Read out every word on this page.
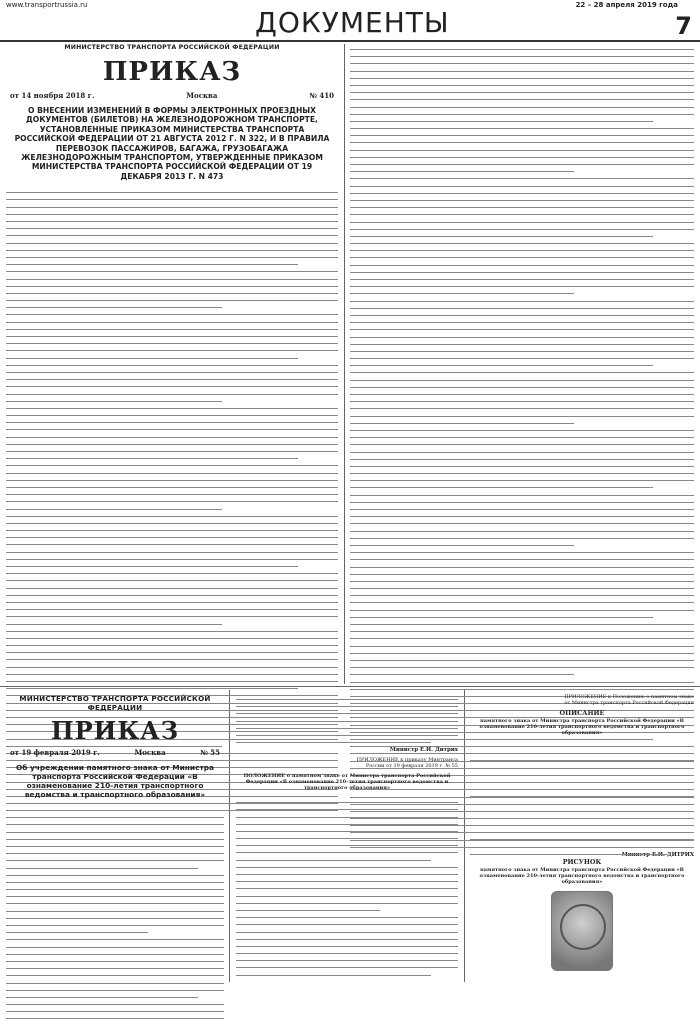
www.transportrussia.ru	22 – 28 апреля 2019 года
ДОКУМЕНТЫ	7
МИНИСТЕРСТВО ТРАНСПОРТА РОССИЙСКОЙ ФЕДЕРАЦИИ
ПРИКАЗ
от 14 ноября 2018 г.	Москва	№ 410
О ВНЕСЕНИИ ИЗМЕНЕНИЙ В ФОРМЫ ЭЛЕКТРОННЫХ ПРОЕЗДНЫХ ДОКУМЕНТОВ (БИЛЕТОВ) НА ЖЕЛЕЗНОДОРОЖНОМ ТРАНСПОРТЕ, УСТАНОВЛЕННЫЕ ПРИКАЗОМ МИНИСТЕРСТВА ТРАНСПОРТА РОССИЙСКОЙ ФЕДЕРАЦИИ ОТ 21 АВГУСТА 2012 Г. N 322, И В ПРАВИЛА ПЕРЕВОЗОК ПАССАЖИРОВ, БАГАЖА, ГРУЗОБАГАЖА ЖЕЛЕЗНОДОРОЖНЫМ ТРАНСПОРТОМ, УТВЕРЖДЕННЫЕ ПРИКАЗОМ МИНИСТЕРСТВА ТРАНСПОРТА РОССИЙСКОЙ ФЕДЕРАЦИИ ОТ 19 ДЕКАБРЯ 2013 Г. N 473
Министр Е.И. ДИТРИХ
МИНИСТЕРСТВО ТРАНСПОРТА РОССИЙСКОЙ ФЕДЕРАЦИИ
ПРИКАЗ
от 19 февраля 2019 г.	Москва	№ 55
Об учреждении памятного знака от Министра транспорта Российской Федерации «В ознаменование 210-летия транспортного ведомства и транспортного образования»
Министр Е.И. Дитрих
ПРИЛОЖЕНИЕ к приказу Минтранса России от 19 февраля 2019 г. № 55
ПОЛОЖЕНИЕ о памятном знаке от Министра транспорта Российской Федерации «В ознаменование 210-летия транспортного ведомства и транспортного образования»
ПРИЛОЖЕНИЕ к Положению о памятном знаке от Министра транспорта Российской Федерации
ОПИСАНИЕ
памятного знака от Министра транспорта Российской Федерации «В ознаменование 210-летия транспортного ведомства и транспортного образования»
РИСУНОК
памятного знака от Министра транспорта Российской Федерации «В ознаменование 210-летия транспортного ведомства и транспортного образования»
